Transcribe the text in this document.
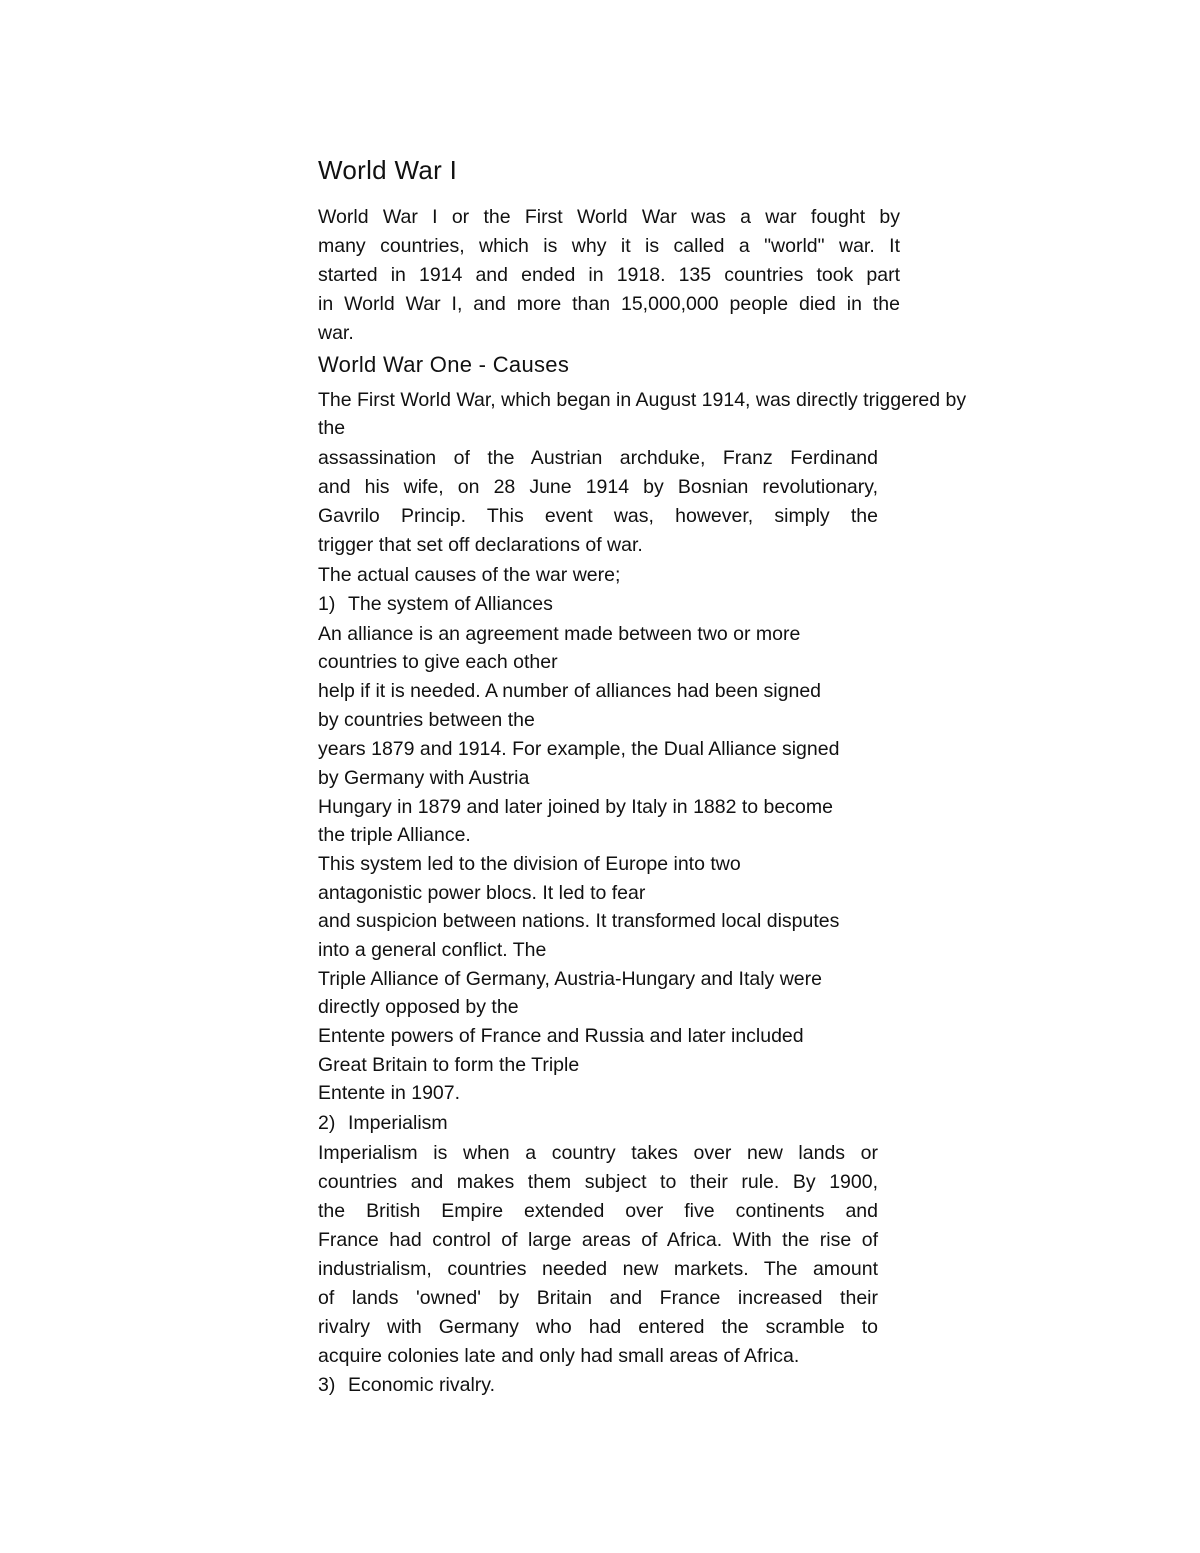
World War I

World War I or the First World War was a war fought by

many countries, which is why it is called a "world" war. It

started in 1914 and ended in 1918. 135 countries took part

in World War I, and more than 15,000,000 people died in the

war.

World War One - Causes

The First World War, which began in August 1914, was directly triggered by

the

assassination of the Austrian archduke, Franz Ferdinand

and his wife, on 28 June 1914 by Bosnian revolutionary,

Gavrilo Princip. This event was, however, simply the

trigger that set off declarations of war.

The actual causes of the war were;

1) The system of Alliances

An alliance is an agreement made between two or more

countries to give each other

help if it is needed. A number of alliances had been signed

by countries between the

years 1879 and 1914. For example, the Dual Alliance signed

by Germany with Austria

Hungary in 1879 and later joined by Italy in 1882 to become

the triple Alliance.

This system led to the division of Europe into two

antagonistic power blocs. It led to fear

and suspicion between nations. It transformed local disputes

into a general conflict. The

Triple Alliance of Germany, Austria-Hungary and Italy were

directly opposed by the

Entente powers of France and Russia and later included

Great Britain to form the Triple

Entente in 1907.

2) Imperialism

Imperialism is when a country takes over new lands or

countries and makes them subject to their rule. By 1900,

the British Empire extended over five continents and

France had control of large areas of Africa. With the rise of

industrialism, countries needed new markets. The amount

of lands 'owned' by Britain and France increased their

rivalry with Germany who had entered the scramble to

acquire colonies late and only had small areas of Africa.

3) Economic rivalry.
